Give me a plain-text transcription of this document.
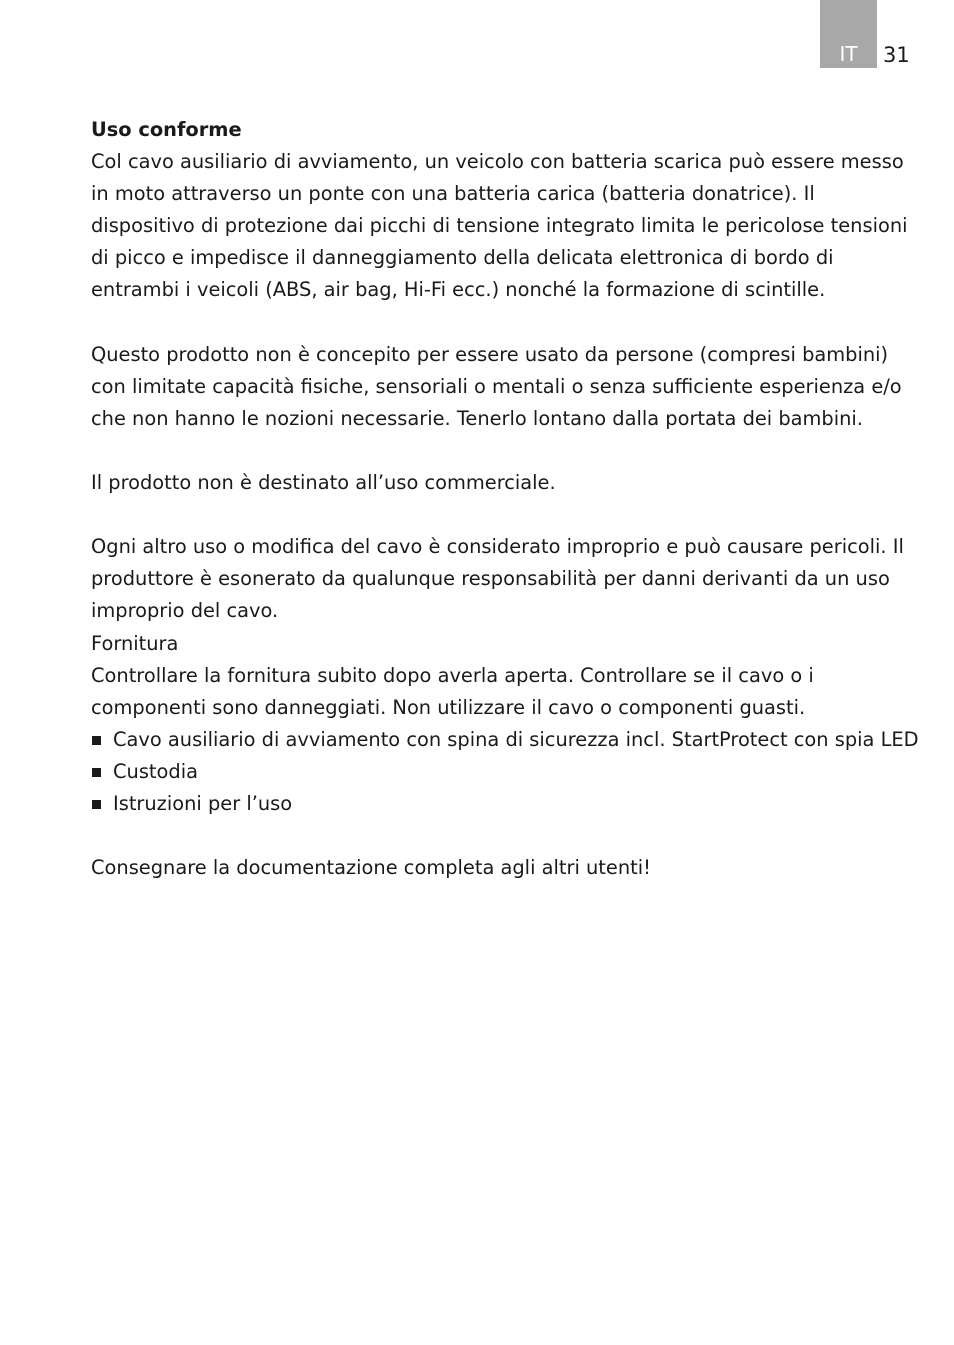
IT	31

Uso conforme

Col cavo ausiliario di avviamento, un veicolo con batteria scarica può essere messo in moto attraverso un ponte con una batteria carica (batteria donatrice). Il dispositivo di protezione dai picchi di tensione integrato limita le pericolose tensioni di picco e impedisce il danneggiamento della delicata elettronica di bordo di entrambi i veicoli (ABS, air bag, Hi-Fi ecc.) nonché la formazione di scintille.

Questo prodotto non è concepito per essere usato da persone (compresi bambini) con limitate capacità fisiche, sensoriali o mentali o senza sufficiente esperienza e/o che non hanno le nozioni necessarie. Tenerlo lontano dalla portata dei bambini.

Il prodotto non è destinato all’uso commerciale.

Ogni altro uso o modifica del cavo è considerato improprio e può causare pericoli. Il produttore è esonerato da qualunque responsabilità per danni derivanti da un uso improprio del cavo.

Fornitura

Controllare la fornitura subito dopo averla aperta. Controllare se il cavo o i componenti sono danneggiati. Non utilizzare il cavo o componenti guasti.

Cavo ausiliario di avviamento con spina di sicurezza incl. StartProtect con spia LED
Custodia
Istruzioni per l’uso

Consegnare la documentazione completa agli altri utenti!
